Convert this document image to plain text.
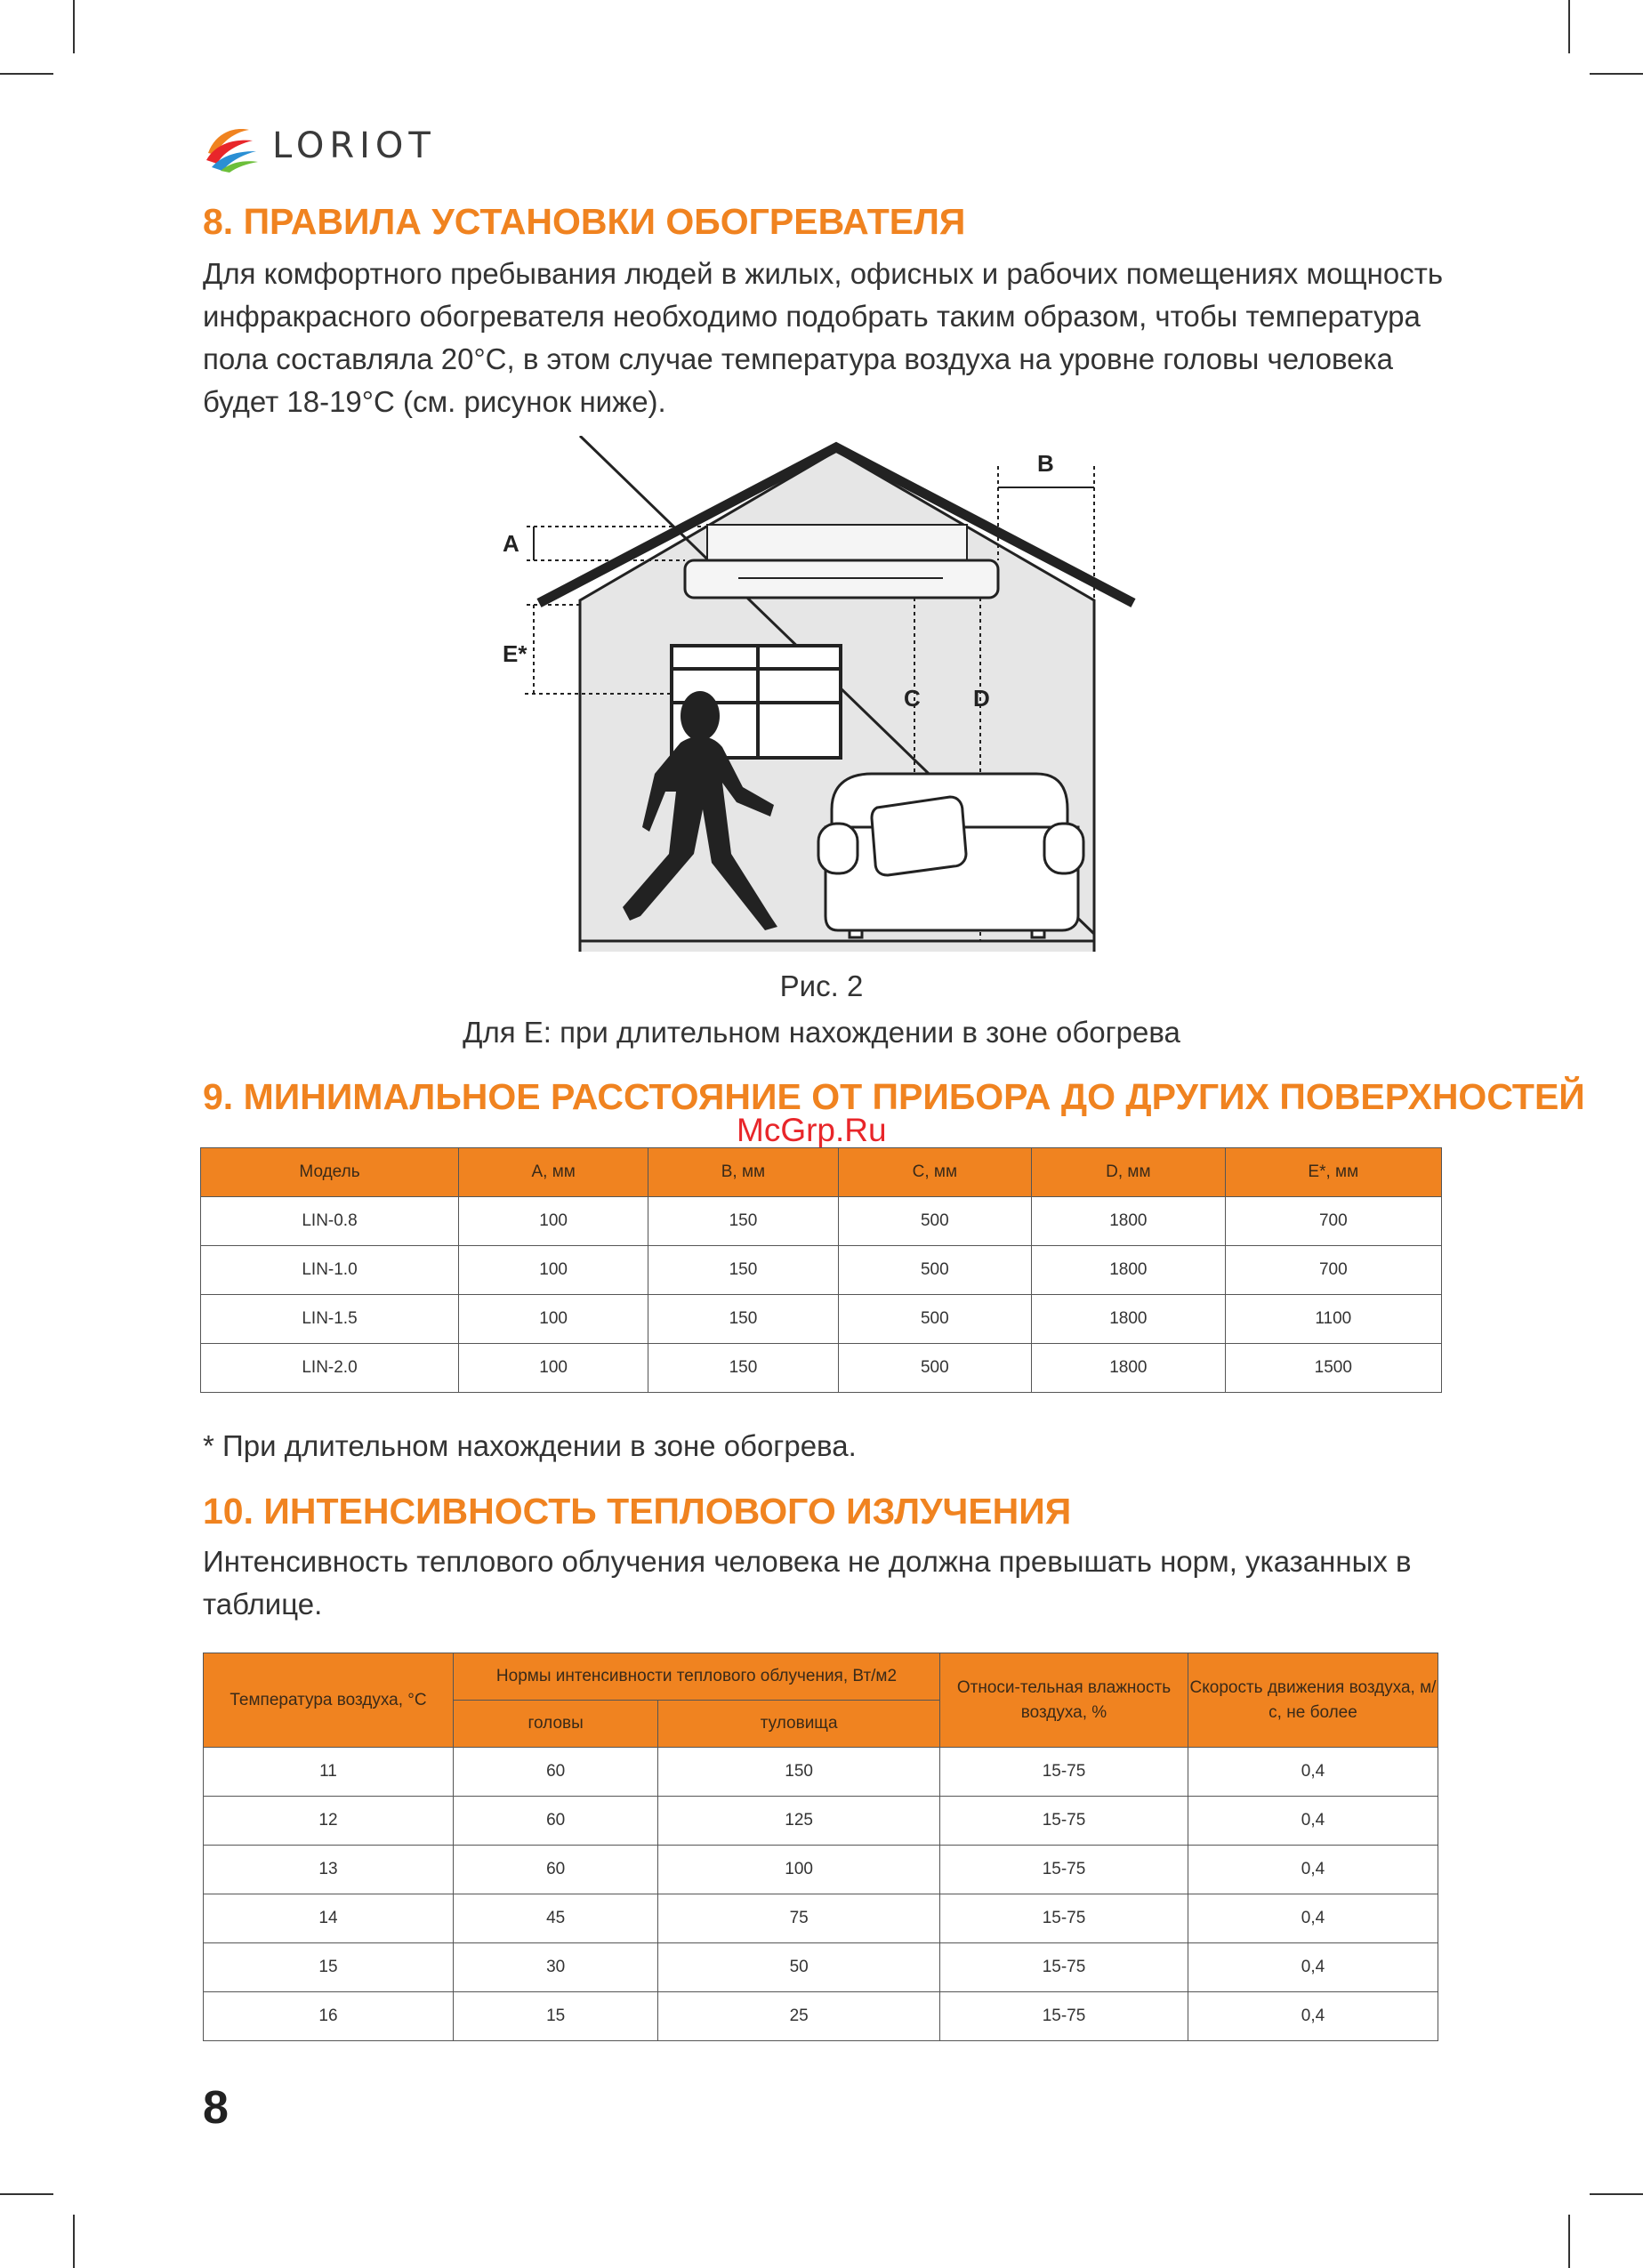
LORIOT
8. ПРАВИЛА УСТАНОВКИ ОБОГРЕВАТЕЛЯ
Для комфортного пребывания людей в жилых, офисных и рабочих помещениях мощность
инфракрасного обогревателя необходимо подобрать таким образом, чтобы температура
пола составляла 20°С, в этом случае температура воздуха на уровне головы человека
будет 18-19°С (см. рисунок ниже).
A
E*
B
C D
Рис. 2
Для Е: при длительном нахождении в зоне обогрева
9. МИНИМАЛЬНОЕ РАССТОЯНИЕ ОТ ПРИБОРА ДО ДРУГИХ ПОВЕРХНОСТЕЙ
McGrp.Ru
Модель	А, мм	В, мм	С, мм	D, мм	Е*, мм
LIN-0.8	100	150	500	1800	700
LIN-1.0	100	150	500	1800	700
LIN-1.5	100	150	500	1800	1100
LIN-2.0	100	150	500	1800	1500
* При длительном нахождении в зоне обогрева.
10. ИНТЕНСИВНОСТЬ ТЕПЛОВОГО ИЗЛУЧЕНИЯ
Интенсивность теплового облучения человека не должна превышать норм, указанных в
таблице.
Температура воздуха, °С	Нормы интенсивности теплового облучения, Вт/м2		Относи-тельная влажность воздуха, %	Скорость движения воздуха, м/с, не более
	головы	туловища		
11	60	150	15-75	0,4
12	60	125	15-75	0,4
13	60	100	15-75	0,4
14	45	75	15-75	0,4
15	30	50	15-75	0,4
16	15	25	15-75	0,4
8
